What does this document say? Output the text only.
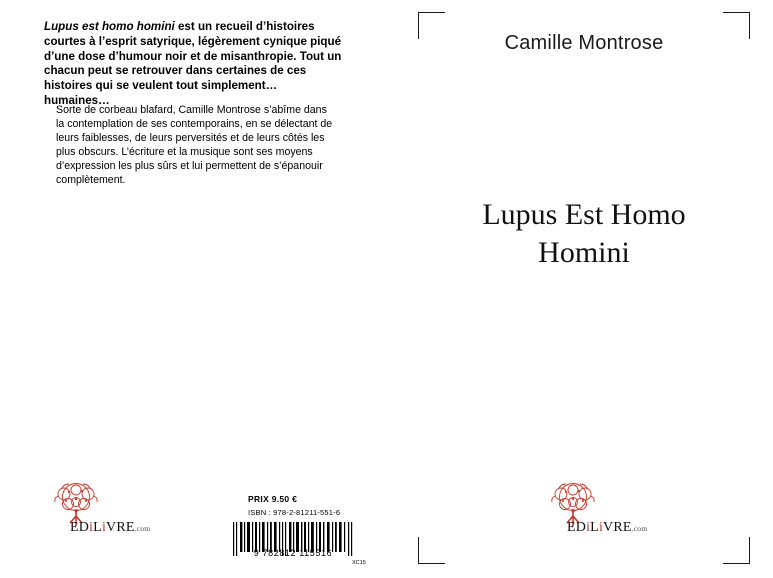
Lupus est homo homini est un recueil d’histoires courtes à l’esprit satyrique, légèrement cynique piqué d’une dose d’humour noir et de misanthropie. Tout un chacun peut se retrouver dans certaines de ces histoires qui se veulent tout simplement… humaines…
Sorte de corbeau blafard, Camille Montrose s’abîme dans la contemplation de ses contemporains, en se délectant de leurs faiblesses, de leurs perversités et de leurs côtés les plus obscurs. L’écriture et la musique sont ses moyens d’expression les plus sûrs et lui permettent de s’épanouir complètement.
EDiLiVRE.com
PRIX 9.50 €
ISBN : 978-2-81211-551-6
9 782812 115516
XC15
Camille Montrose
Lupus Est Homo
Homini
EDiLiVRE.com
